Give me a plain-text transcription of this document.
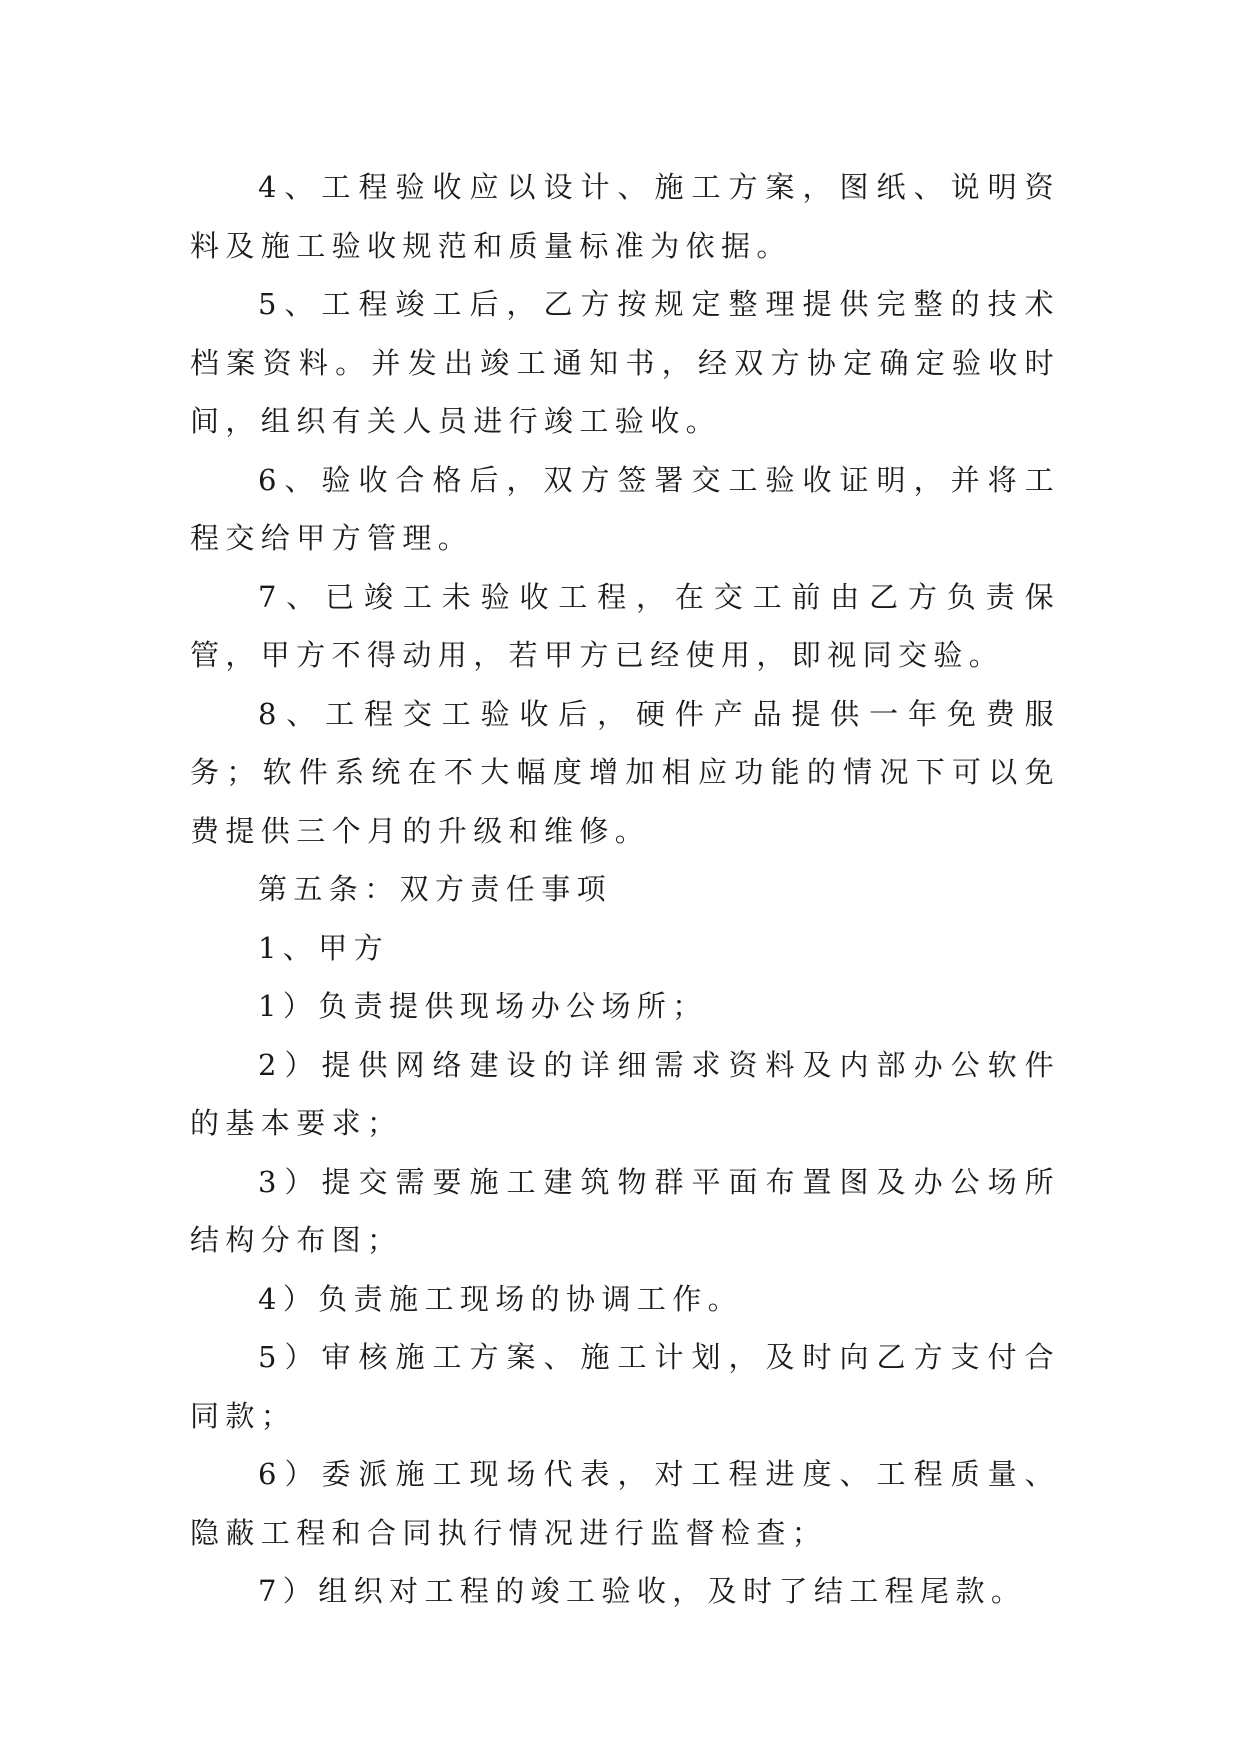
4、工程验收应以设计、施工方案，图纸、说明资料及施工验收规范和质量标准为依据。

5、工程竣工后，乙方按规定整理提供完整的技术档案资料。并发出竣工通知书，经双方协定确定验收时间，组织有关人员进行竣工验收。

6、验收合格后，双方签署交工验收证明，并将工程交给甲方管理。

7、已竣工未验收工程，在交工前由乙方负责保管，甲方不得动用，若甲方已经使用，即视同交验。

8、工程交工验收后，硬件产品提供一年免费服务；软件系统在不大幅度增加相应功能的情况下可以免费提供三个月的升级和维修。

第五条：双方责任事项

1、甲方

1）负责提供现场办公场所；

2）提供网络建设的详细需求资料及内部办公软件的基本要求；

3）提交需要施工建筑物群平面布置图及办公场所结构分布图；

4）负责施工现场的协调工作。

5）审核施工方案、施工计划，及时向乙方支付合同款；

6）委派施工现场代表，对工程进度、工程质量、隐蔽工程和合同执行情况进行监督检查；

7）组织对工程的竣工验收，及时了结工程尾款。
